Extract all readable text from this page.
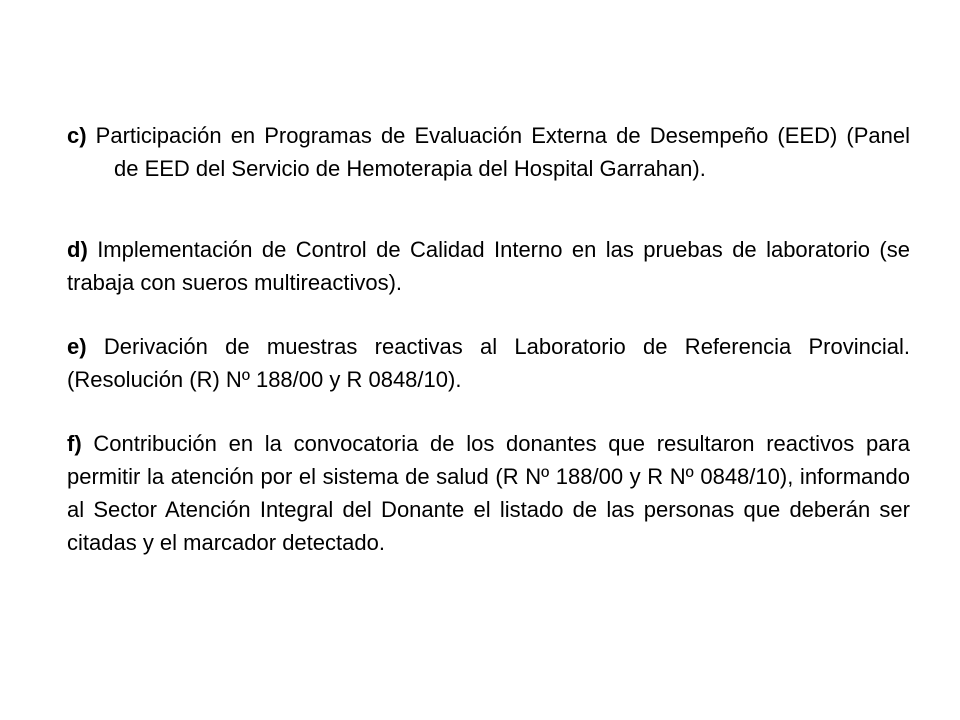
c) Participación en Programas de Evaluación Externa de Desempeño (EED) (Panel de EED del Servicio de Hemoterapia del Hospital Garrahan).

d) Implementación de Control de Calidad Interno en las pruebas de laboratorio (se trabaja con sueros multireactivos).

e) Derivación de muestras reactivas al Laboratorio de Referencia Provincial. (Resolución (R) Nº 188/00 y R 0848/10).

f) Contribución en la convocatoria de los donantes que resultaron reactivos para permitir la atención por el sistema de salud (R Nº 188/00 y R Nº 0848/10), informando al Sector Atención Integral del Donante el listado de las personas que deberán ser citadas y el marcador detectado.
